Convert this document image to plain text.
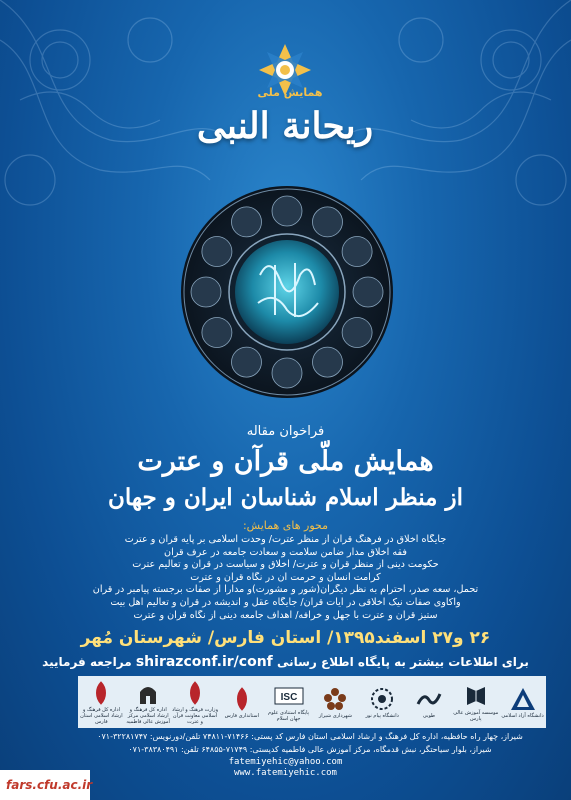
همایش ملی
ریحانة النبی
فراخوان مقاله
همایش ملّی قرآن و عترت
از منظر اسلام شناسان ایران و جهان
محور های همایش:
جایگاه اخلاق در فرهنگ قرآن از منظر عترت/ وحدت اسلامی بر پایه قرآن و عترت
فقه اخلاق مدار ضامن سلامت و سعادت جامعه در عرف قرآن
حکومت دینی از منظر قرآن و عترت/ اخلاق و سیاست در قرآن و تعالیم عترت
کرامت انسان و حرمت آن در نگاه قرآن و عترت
تحمل، سعه صدر، احترام به نظر دیگران(شور و مشورت)و مدارا از صفات برجسته پیامبر در قرآن
واکاوی صفات نیک اخلاقی در آیات قرآن/ جایگاه عقل و اندیشه در قرآن و تعالیم اهل بیت
ستیز قرآن و عترت با جهل و خرافه/ اهداف جامعه دینی از نگاه قرآن و عترت
۲۶ و۲۷ اسفند۱۳۹۵/ استان فارس/ شهرستان مُهر
برای اطلاعات بیشتر به پایگاه اطلاع رسانی shirazconf.ir/conf مراجعه فرمایید
اداره کل فرهنگ و ارشاد اسلامی استان فارس
اداره کل فرهنگ و ارشاد اسلامی مرکز آموزش عالی فاطمیه
وزارت فرهنگ و ارشاد اسلامی معاونت قرآن و عترت
استانداری فارس
ISC
پایگاه استنادی علوم جهان اسلام	شهرداری شیراز	دانشگاه پیام نور	طوبی	موسسه آموزش عالی پارس	دانشگاه آزاد اسلامی
شیراز، چهار راه حافظیه، اداره کل فرهنگ و ارشاد اسلامی استان فارس کد پستی: ۷۱۴۶۶-۷۴۸۱۱ تلفن/دورنویس: ۳۲۲۸۱۷۴۷-۰۷۱
شیراز، بلوار سیاحتگر، نبش قدمگاه، مرکز آموزش عالی فاطمیه کدپستی: ۷۱۷۴۹-۶۴۸۵۵ تلفن: ۳۸۳۸۰۴۹۱-۰۷۱
fatemiyehic@yahoo.com
www.fatemiyehic.com
fars.cfu.ac.ir
